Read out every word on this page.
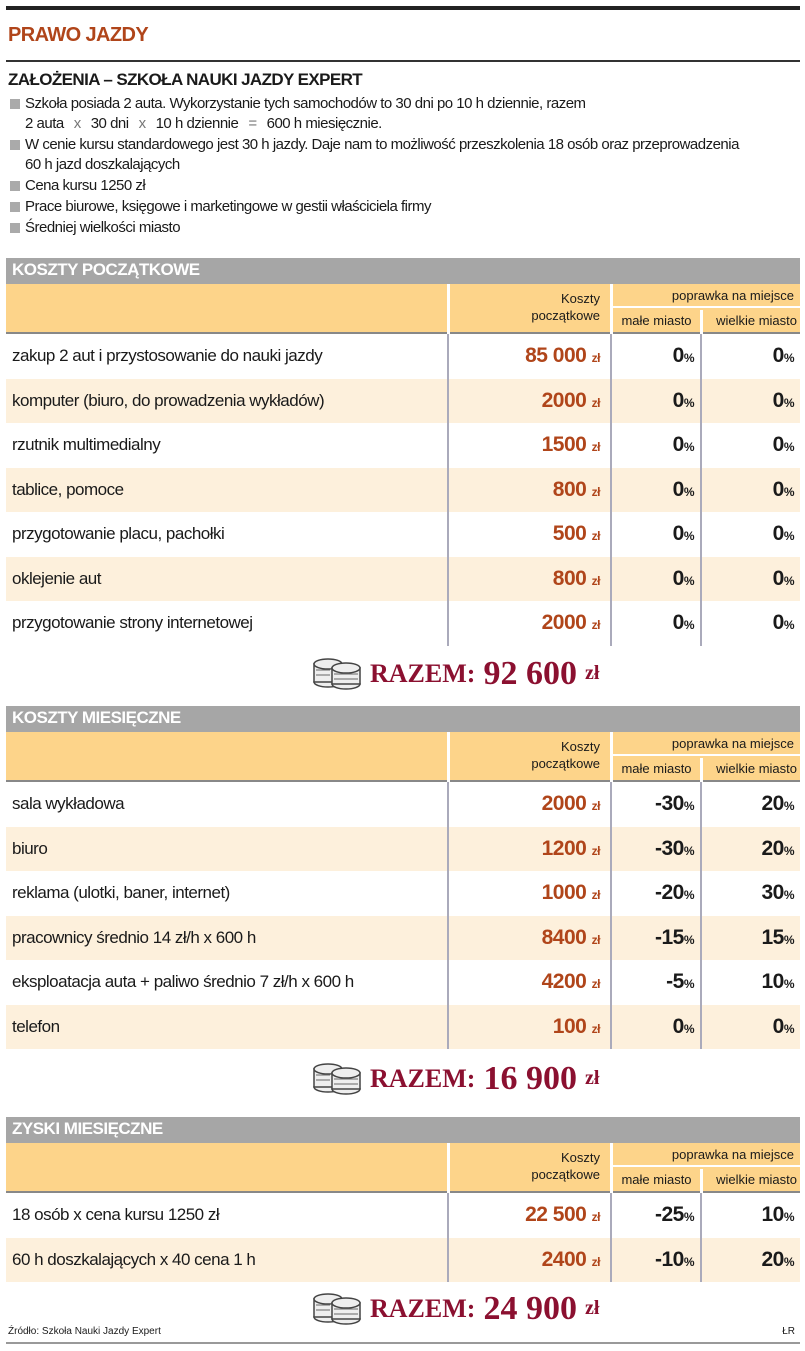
PRAWO JAZDY
ZAŁOŻENIA – SZKOŁA NAUKI JAZDY EXPERT
Szkoła posiada 2 auta. Wykorzystanie tych samochodów to 30 dni po 10 h dziennie, razem
2 auta x 30 dni x 10 h dziennie = 600 h miesięcznie.
W cenie kursu standardowego jest 30 h jazdy. Daje nam to możliwość przeszkolenia 18 osób oraz przeprowadzenia
60 h jazd doszkalających
Cena kursu 1250 zł
Prace biurowe, księgowe i marketingowe w gestii właściciela firmy
Średniej wielkości miasto
KOSZTY POCZĄTKOWE
Koszty
początkowe
poprawka na miejsce
małe miasto	wielkie miasto
zakup 2 aut i przystosowanie do nauki jazdy	85 000 zł	0%	0%
komputer (biuro, do prowadzenia wykładów)	2000 zł	0%	0%
rzutnik multimedialny	1500 zł	0%	0%
tablice, pomoce	800 zł	0%	0%
przygotowanie placu, pachołki	500 zł	0%	0%
oklejenie aut	800 zł	0%	0%
przygotowanie strony internetowej	2000 zł	0%	0%
RAZEM: 92 600 zł
KOSZTY MIESIĘCZNE
Koszty
początkowe
poprawka na miejsce
małe miasto	wielkie miasto
sala wykładowa	2000 zł	-30%	20%
biuro	1200 zł	-30%	20%
reklama (ulotki, baner, internet)	1000 zł	-20%	30%
pracownicy średnio 14 zł/h x 600 h	8400 zł	-15%	15%
eksploatacja auta + paliwo średnio 7 zł/h x 600 h	4200 zł	-5%	10%
telefon	100 zł	0%	0%
RAZEM: 16 900 zł
ZYSKI MIESIĘCZNE
Koszty
początkowe
poprawka na miejsce
małe miasto	wielkie miasto
18 osób x cena kursu 1250 zł	22 500 zł	-25%	10%
60 h doszkalających x 40 cena 1 h	2400 zł	-10%	20%
RAZEM: 24 900 zł
Źródło: Szkoła Nauki Jazdy Expert	ŁR
